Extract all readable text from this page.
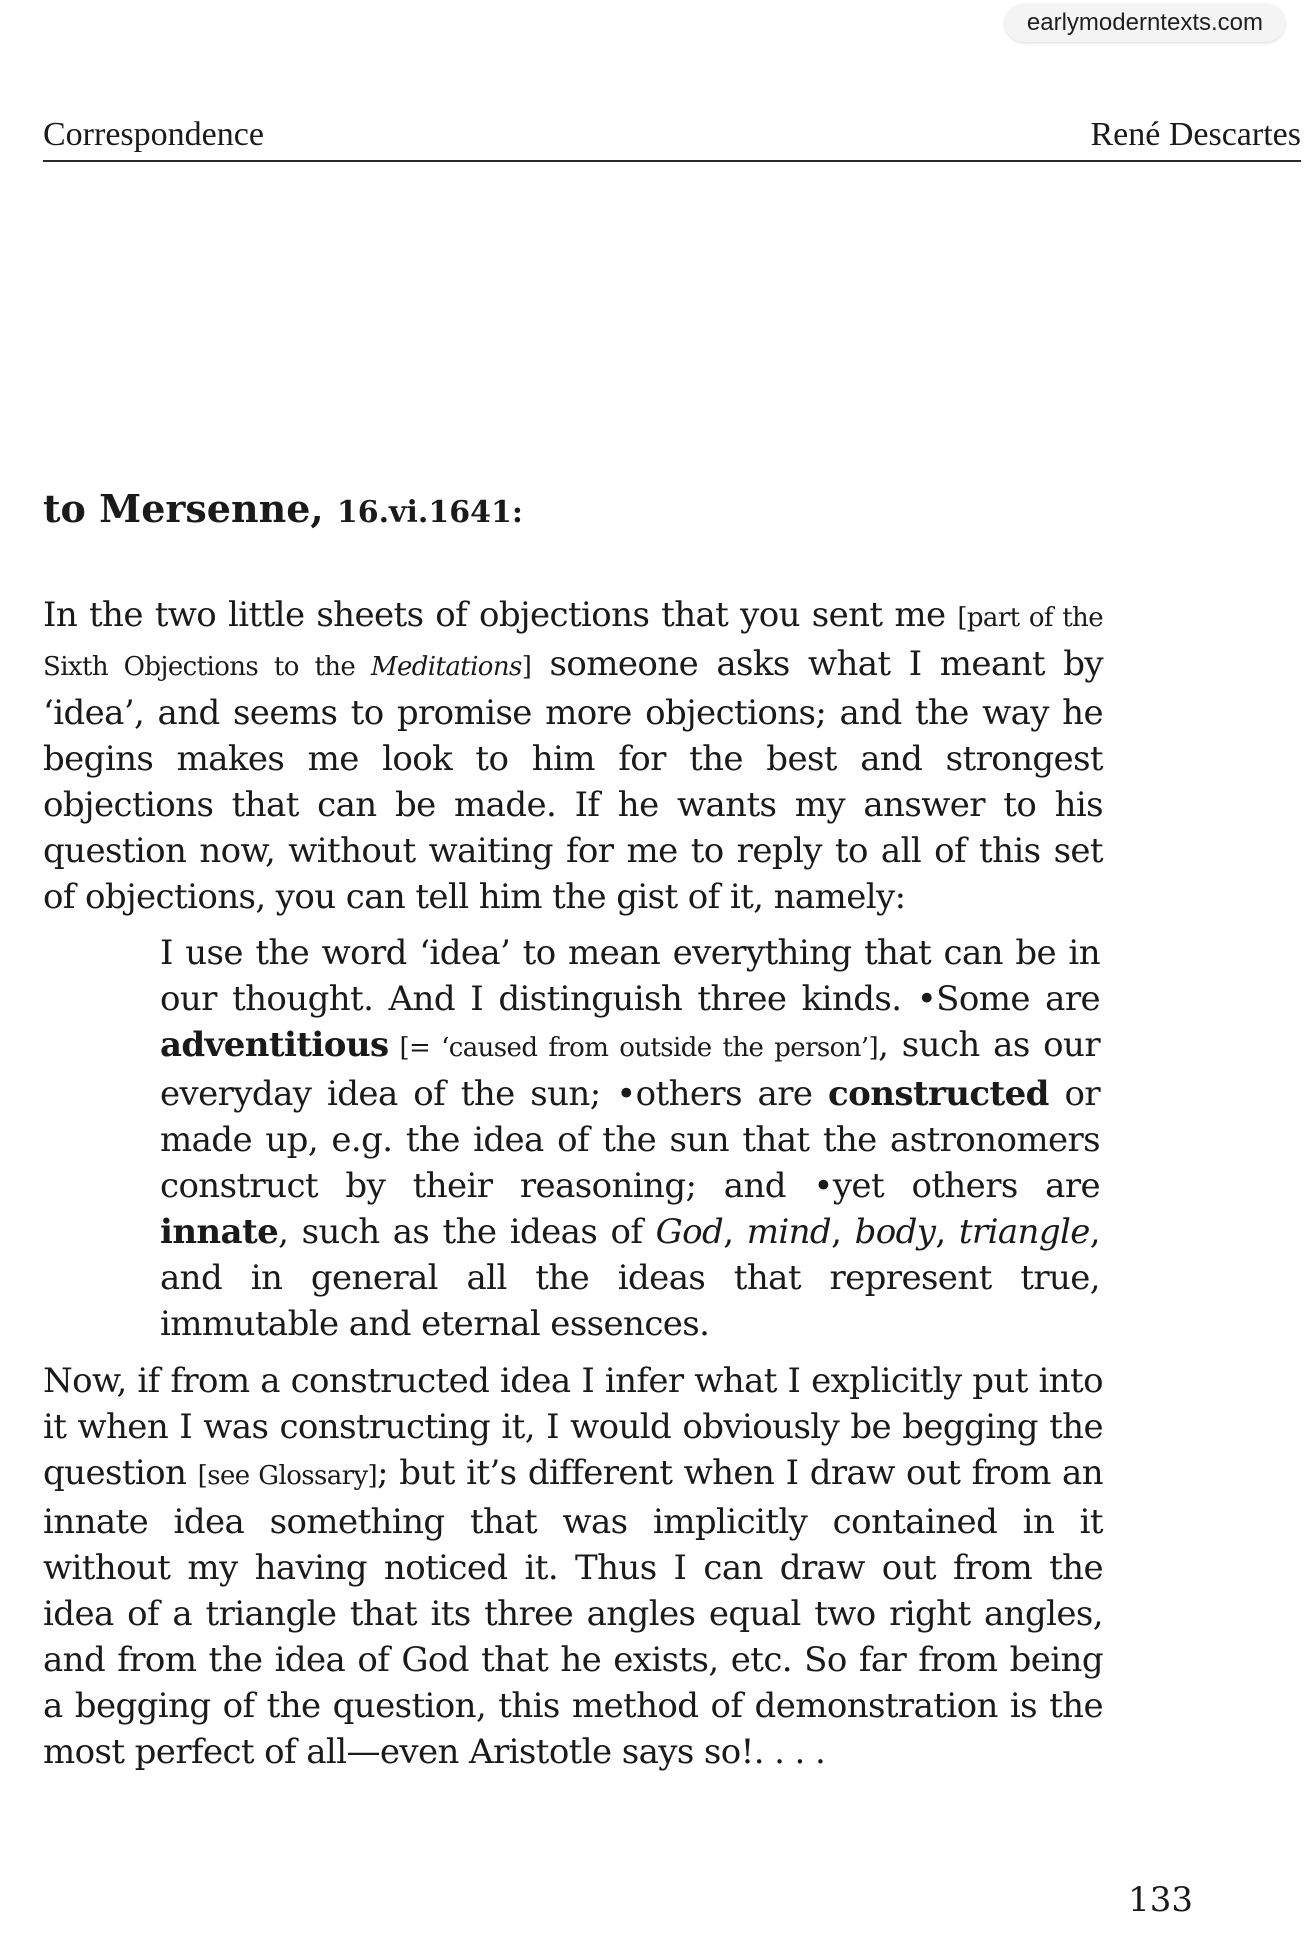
earlymoderntexts.com
Correspondence	René Descartes
to Mersenne, 16.vi.1641:
In the two little sheets of objections that you sent me [part of the Sixth Objections to the Meditations] someone asks what I meant by ‘idea’, and seems to promise more objections; and the way he begins makes me look to him for the best and strongest objections that can be made. If he wants my answer to his question now, without waiting for me to reply to all of this set of objections, you can tell him the gist of it, namely:
I use the word ‘idea’ to mean everything that can be in our thought. And I distinguish three kinds. •Some are adventitious [= ‘caused from outside the person’], such as our everyday idea of the sun; •others are constructed or made up, e.g. the idea of the sun that the astronomers construct by their reasoning; and •yet others are innate, such as the ideas of God, mind, body, triangle, and in general all the ideas that represent true, immutable and eternal essences.
Now, if from a constructed idea I infer what I explicitly put into it when I was constructing it, I would obviously be begging the question [see Glossary]; but it’s different when I draw out from an innate idea something that was implicitly contained in it without my having noticed it. Thus I can draw out from the idea of a triangle that its three angles equal two right angles, and from the idea of God that he exists, etc. So far from being a begging of the question, this method of demonstration is the most perfect of all—even Aristotle says so!. . . .
133
